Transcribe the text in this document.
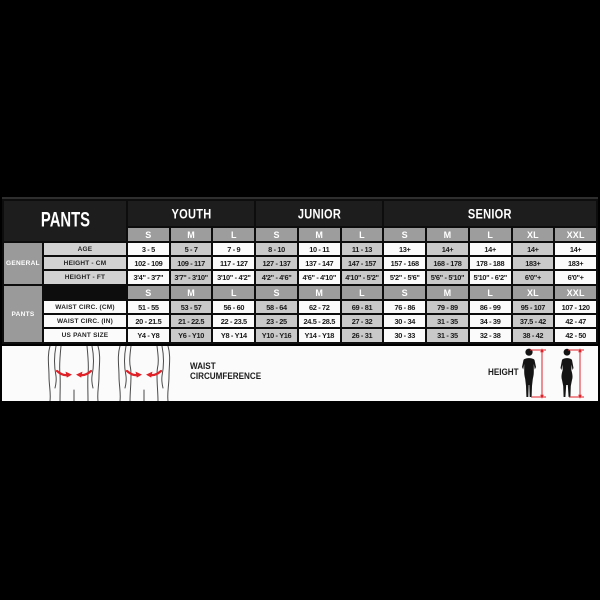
PANTS	YOUTH	JUNIOR	SENIOR
S	M	L	S	M	L	S	M	L	XL	XXL
GENERAL
AGE	3 - 5	5 - 7	7 - 9	8 - 10	10 - 11	11 - 13	13+	14+	14+	14+	14+
HEIGHT - CM	102 - 109	109 - 117	117 - 127	127 - 137	137 - 147	147 - 157	157 - 168	168 - 178	178 - 188	183+	183+
HEIGHT - FT	3'4" - 3'7"	3'7" - 3'10"	3'10" - 4'2"	4'2" - 4'6"	4'6" - 4'10"	4'10" - 5'2"	5'2" - 5'6"	5'6" - 5'10"	5'10" - 6'2"	6'0"+	6'0"+
PANTS
S	M	L	S	M	L	S	M	L	XL	XXL
WAIST CIRC. (CM)	51 - 55	53 - 57	56 - 60	58 - 64	62 - 72	69 - 81	76 - 86	79 - 89	86 - 99	95 - 107	107 - 120
WAIST CIRC. (IN)	20 - 21.5	21 - 22.5	22 - 23.5	23 - 25	24.5 - 28.5	27 - 32	30 - 34	31 - 35	34 - 39	37.5 - 42	42 - 47
US PANT SIZE	Y4 - Y8	Y6 - Y10	Y8 - Y14	Y10 - Y16	Y14 - Y18	26 - 31	30 - 33	31 - 35	32 - 38	38 - 42	42 - 50
WAIST
CIRCUMFERENCE	HEIGHT
